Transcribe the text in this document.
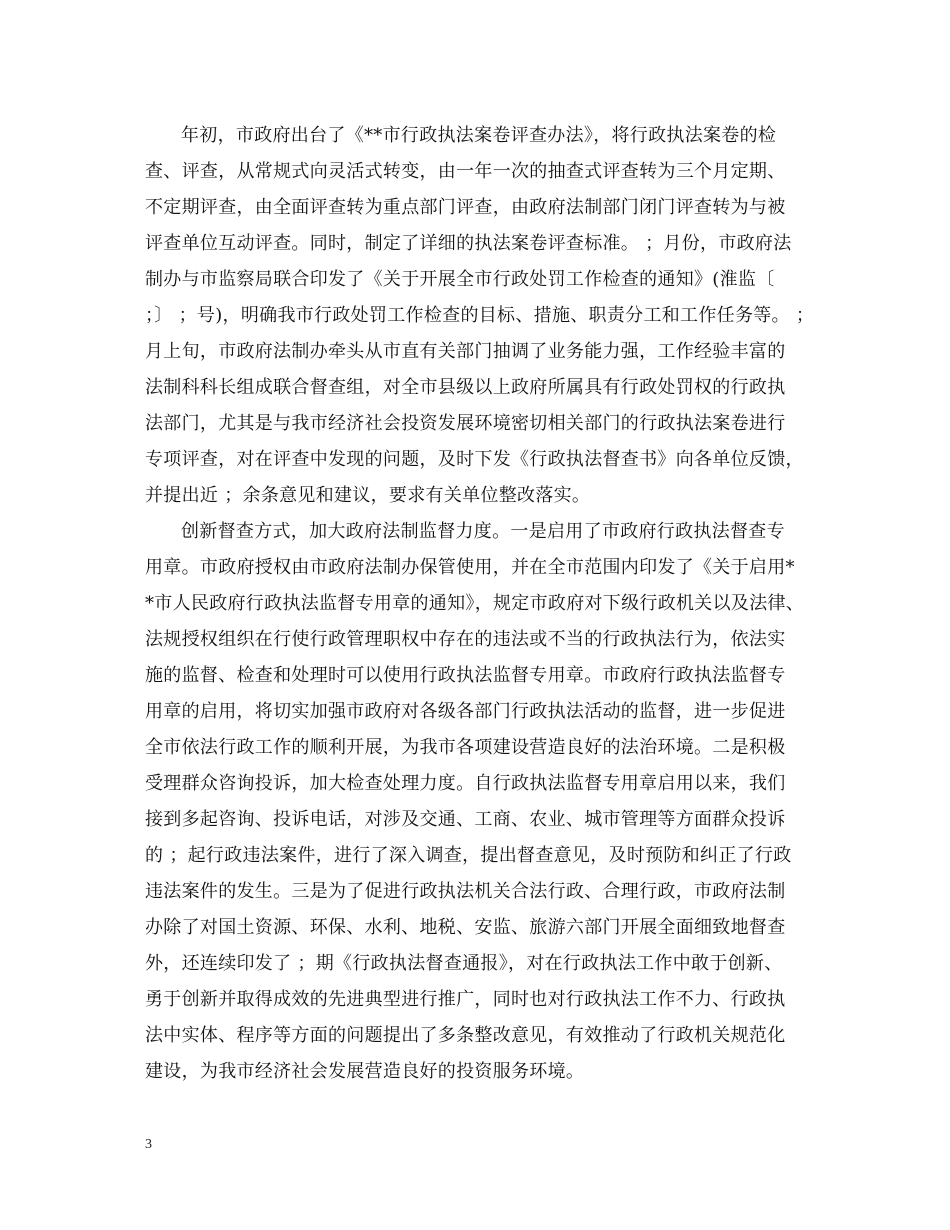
年初，市政府出台了《**市行政执法案卷评查办法》，将行政执法案卷的检
查、评查，从常规式向灵活式转变，由一年一次的抽查式评查转为三个月定期、
不定期评查，由全面评查转为重点部门评查，由政府法制部门闭门评查转为与被
评查单位互动评查。同时，制定了详细的执法案卷评查标准。 ；月份，市政府法
制办与市监察局联合印发了《关于开展全市行政处罚工作检查的通知》(淮监〔
；〕 ；号)，明确我市行政处罚工作检查的目标、措施、职责分工和工作任务等。 ；
月上旬，市政府法制办牵头从市直有关部门抽调了业务能力强，工作经验丰富的
法制科科长组成联合督查组，对全市县级以上政府所属具有行政处罚权的行政执
法部门，尤其是与我市经济社会投资发展环境密切相关部门的行政执法案卷进行
专项评查，对在评查中发现的问题，及时下发《行政执法督查书》向各单位反馈，
并提出近 ；余条意见和建议，要求有关单位整改落实。
创新督查方式，加大政府法制监督力度。一是启用了市政府行政执法督查专
用章。市政府授权由市政府法制办保管使用，并在全市范围内印发了《关于启用*
*市人民政府行政执法监督专用章的通知》，规定市政府对下级行政机关以及法律、
法规授权组织在行使行政管理职权中存在的违法或不当的行政执法行为，依法实
施的监督、检查和处理时可以使用行政执法监督专用章。市政府行政执法监督专
用章的启用，将切实加强市政府对各级各部门行政执法活动的监督，进一步促进
全市依法行政工作的顺利开展，为我市各项建设营造良好的法治环境。二是积极
受理群众咨询投诉，加大检查处理力度。自行政执法监督专用章启用以来，我们
接到多起咨询、投诉电话，对涉及交通、工商、农业、城市管理等方面群众投诉
的 ；起行政违法案件，进行了深入调查，提出督查意见，及时预防和纠正了行政
违法案件的发生。三是为了促进行政执法机关合法行政、合理行政，市政府法制
办除了对国土资源、环保、水利、地税、安监、旅游六部门开展全面细致地督查
外，还连续印发了 ；期《行政执法督查通报》，对在行政执法工作中敢于创新、
勇于创新并取得成效的先进典型进行推广，同时也对行政执法工作不力、行政执
法中实体、程序等方面的问题提出了多条整改意见，有效推动了行政机关规范化
建设，为我市经济社会发展营造良好的投资服务环境。
3
